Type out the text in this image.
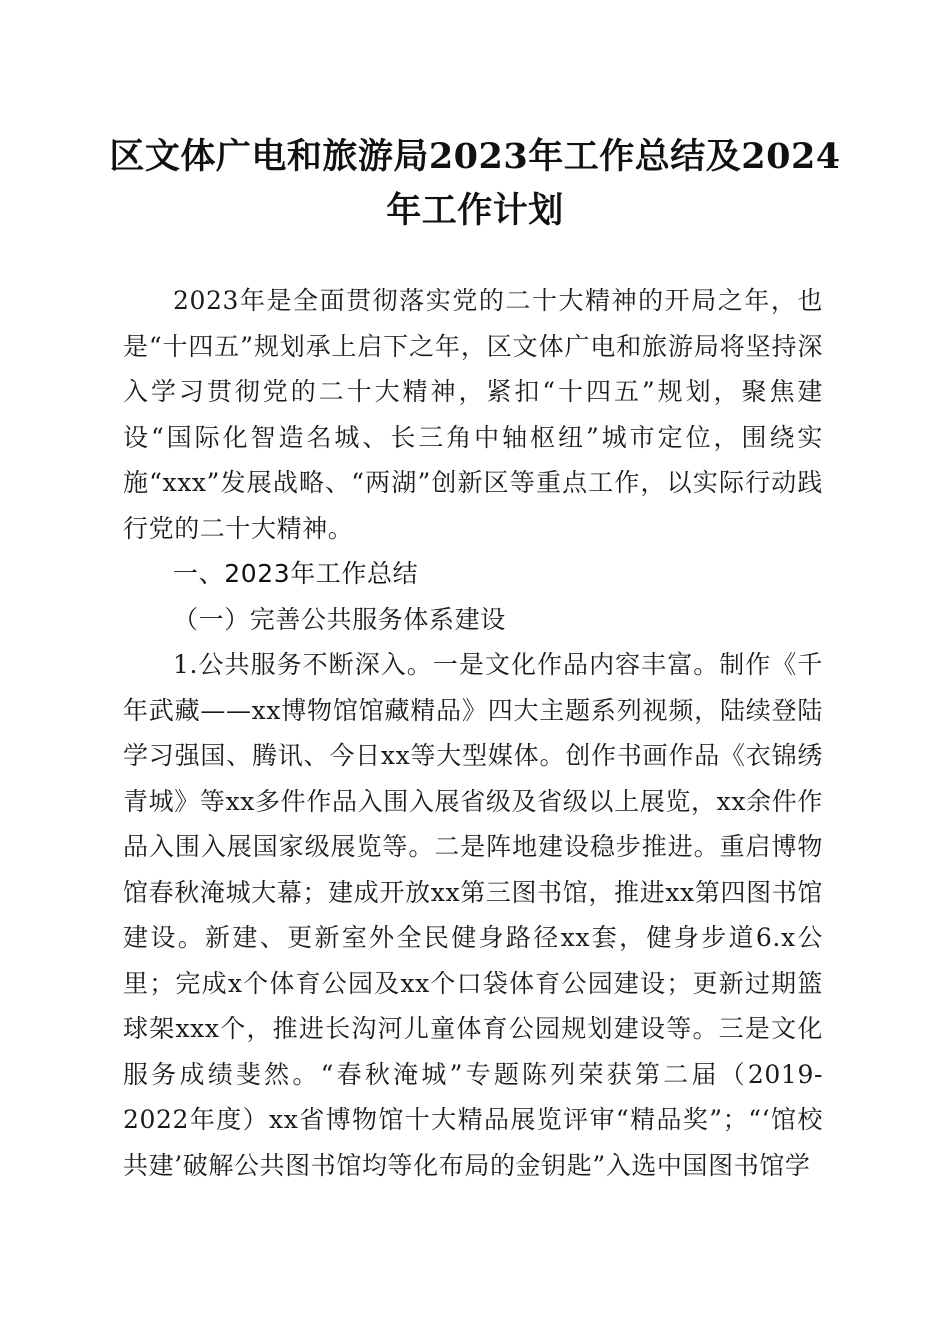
区文体广电和旅游局2023年工作总结及2024年工作计划

2023年是全面贯彻落实党的二十大精神的开局之年，也是“十四五”规划承上启下之年，区文体广电和旅游局将坚持深入学习贯彻党的二十大精神，紧扣“十四五”规划，聚焦建设“国际化智造名城、长三角中轴枢纽”城市定位，围绕实施“xxx”发展战略、“两湖”创新区等重点工作，以实际行动践行党的二十大精神。

一、2023年工作总结

（一）完善公共服务体系建设

1.公共服务不断深入。一是文化作品内容丰富。制作《千年武藏——xx博物馆馆藏精品》四大主题系列视频，陆续登陆学习强国、腾讯、今日xx等大型媒体。创作书画作品《衣锦绣青城》等xx多件作品入围入展省级及省级以上展览，xx余件作品入围入展国家级展览等。二是阵地建设稳步推进。重启博物馆春秋淹城大幕；建成开放xx第三图书馆，推进xx第四图书馆建设。新建、更新室外全民健身路径xx套，健身步道6.x公里；完成x个体育公园及xx个口袋体育公园建设；更新过期篮球架xxx个，推进长沟河儿童体育公园规划建设等。三是文化服务成绩斐然。“春秋淹城”专题陈列荣获第二届（2019-2022年度）xx省博物馆十大精品展览评审“精品奖”；“‘馆校共建’破解公共图书馆均等化布局的金钥匙”入选中国图书馆学
